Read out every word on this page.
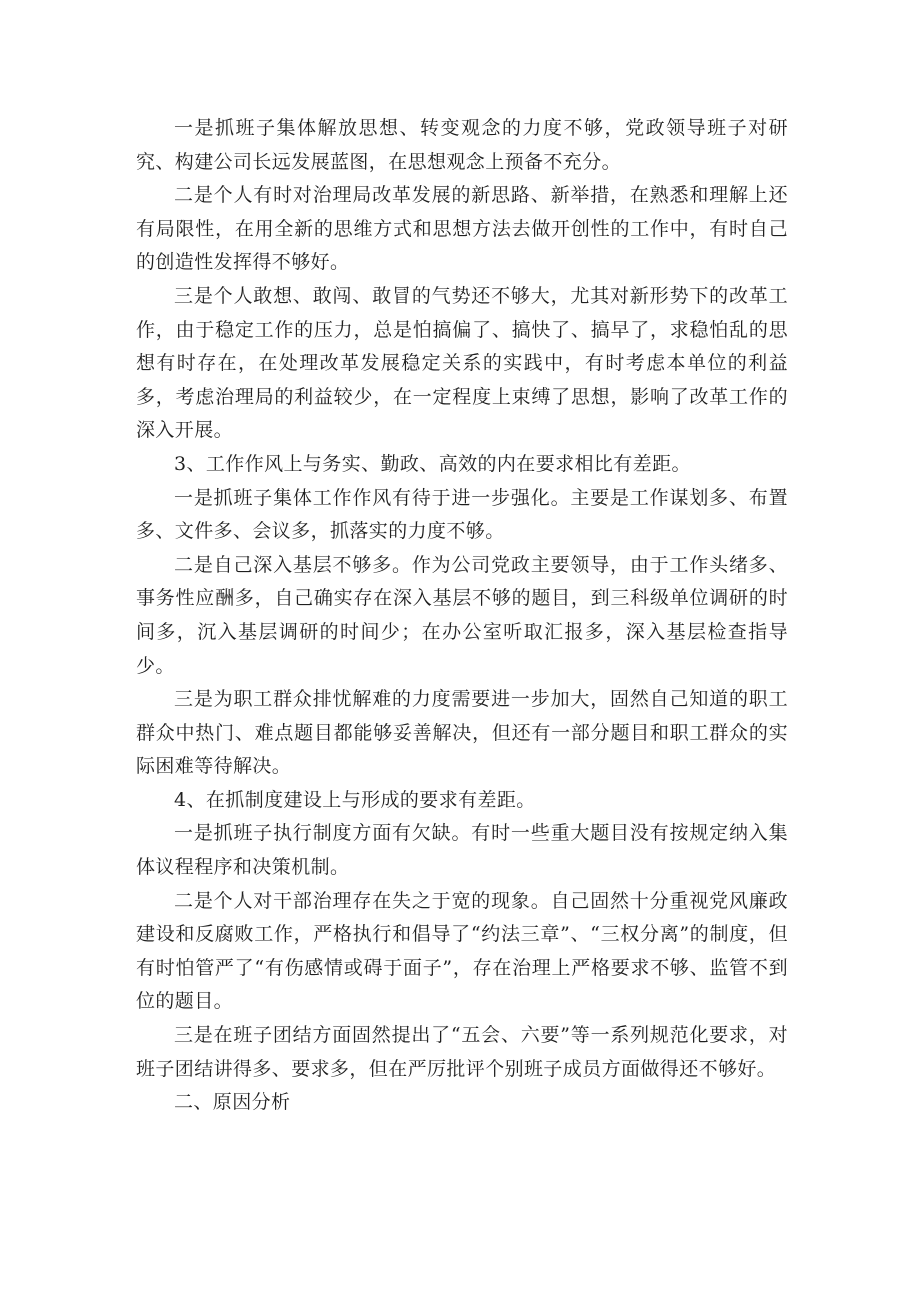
一是抓班子集体解放思想、转变观念的力度不够，党政领导班子对研究、构建公司长远发展蓝图，在思想观念上预备不充分。

二是个人有时对治理局改革发展的新思路、新举措，在熟悉和理解上还有局限性，在用全新的思维方式和思想方法去做开创性的工作中，有时自己的创造性发挥得不够好。

三是个人敢想、敢闯、敢冒的气势还不够大，尤其对新形势下的改革工作，由于稳定工作的压力，总是怕搞偏了、搞快了、搞早了，求稳怕乱的思想有时存在，在处理改革发展稳定关系的实践中，有时考虑本单位的利益多，考虑治理局的利益较少，在一定程度上束缚了思想，影响了改革工作的深入开展。

3、工作作风上与务实、勤政、高效的内在要求相比有差距。

一是抓班子集体工作作风有待于进一步强化。主要是工作谋划多、布置多、文件多、会议多，抓落实的力度不够。

二是自己深入基层不够多。作为公司党政主要领导，由于工作头绪多、事务性应酬多，自己确实存在深入基层不够的题目，到三科级单位调研的时间多，沉入基层调研的时间少；在办公室听取汇报多，深入基层检查指导少。

三是为职工群众排忧解难的力度需要进一步加大，固然自己知道的职工群众中热门、难点题目都能够妥善解决，但还有一部分题目和职工群众的实际困难等待解决。

4、在抓制度建设上与形成的要求有差距。

一是抓班子执行制度方面有欠缺。有时一些重大题目没有按规定纳入集体议程程序和决策机制。

二是个人对干部治理存在失之于宽的现象。自己固然十分重视党风廉政建设和反腐败工作，严格执行和倡导了“约法三章”、“三权分离”的制度，但有时怕管严了“有伤感情或碍于面子”，存在治理上严格要求不够、监管不到位的题目。

三是在班子团结方面固然提出了“五会、六要”等一系列规范化要求，对班子团结讲得多、要求多，但在严厉批评个别班子成员方面做得还不够好。

二、原因分析
